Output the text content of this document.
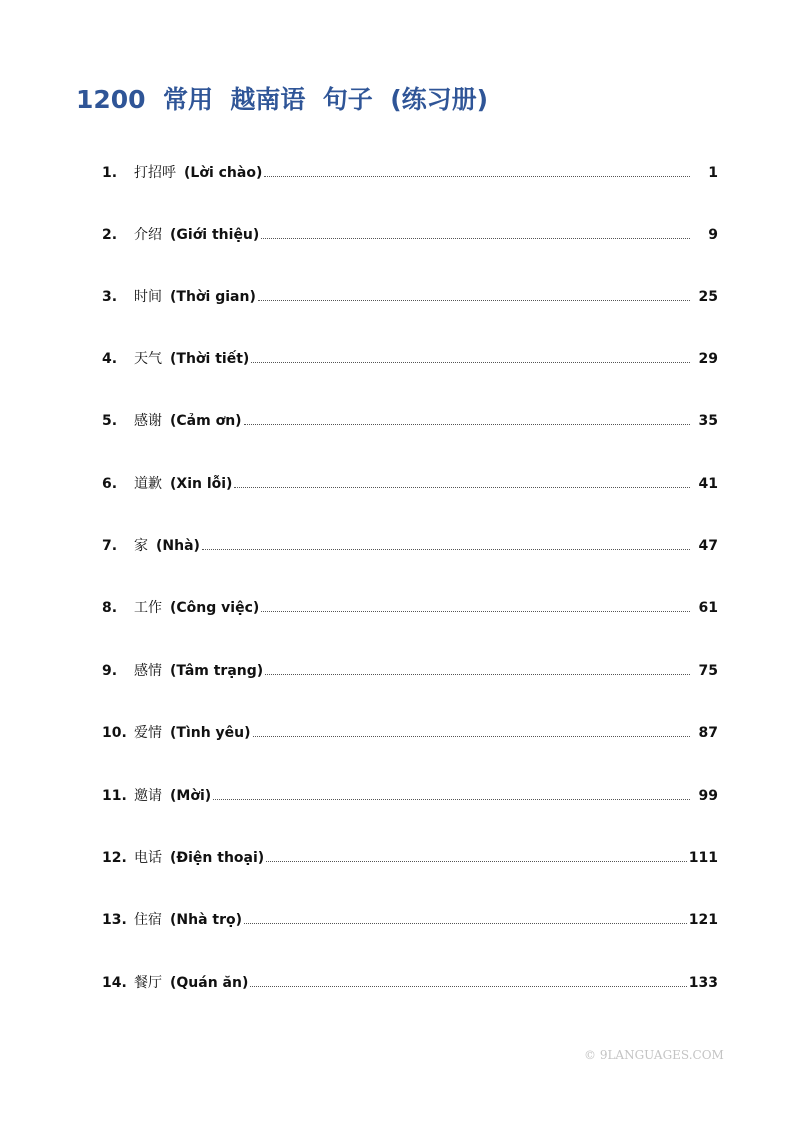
1200  常用  越南语  句子  (练习册)
1.	打招呼 (Lời chào)	1
2.	介绍 (Giới thiệu)	9
3.	时间 (Thời gian)	25
4.	天气 (Thời tiết)	29
5.	感谢 (Cảm ơn)	35
6.	道歉 (Xin lỗi)	41
7.	家 (Nhà)	47
8.	工作 (Công việc)	61
9.	感情 (Tâm trạng)	75
10. 爱情 (Tình yêu)	87
11. 邀请 (Mời)	99
12. 电话 (Điện thoại)	111
13. 住宿 (Nhà trọ)	121
14. 餐厅 (Quán ăn)	133
© 9LANGUAGES.COM
